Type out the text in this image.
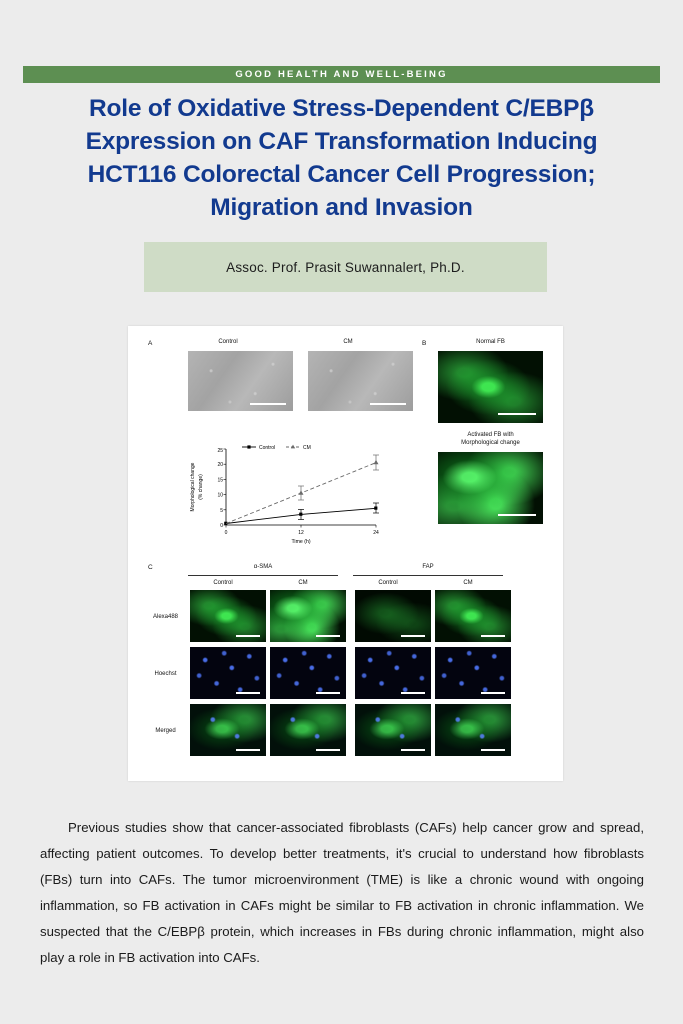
GOOD HEALTH AND WELL-BEING
Role of Oxidative Stress-Dependent C/EBPβ
Expression on CAF Transformation Inducing
HCT116 Colorectal Cancer Cell Progression;
Migration and Invasion
Assoc. Prof. Prasit Suwannalert, Ph.D.
A	Control	CM	B	Normal FB
Activated FB with
Morphological change
0
5
10
15
20
25
0	12	24
Time (h)
Morphological change (% change)
Control	CM
C	α-SMA	FAP
Control	CM	Control	CM
Alexa488
Hoechst
Merged
Previous studies show that cancer-associated fibroblasts (CAFs) help cancer grow and spread, affecting patient outcomes. To develop better treatments, it's crucial to understand how fibroblasts (FBs) turn into CAFs. The tumor microenvironment (TME) is like a chronic wound with ongoing inflammation, so FB activation in CAFs might be similar to FB activation in chronic inflammation. We suspected that the C/EBPβ protein, which increases in FBs during chronic inflammation, might also play a role in FB activation into CAFs.
